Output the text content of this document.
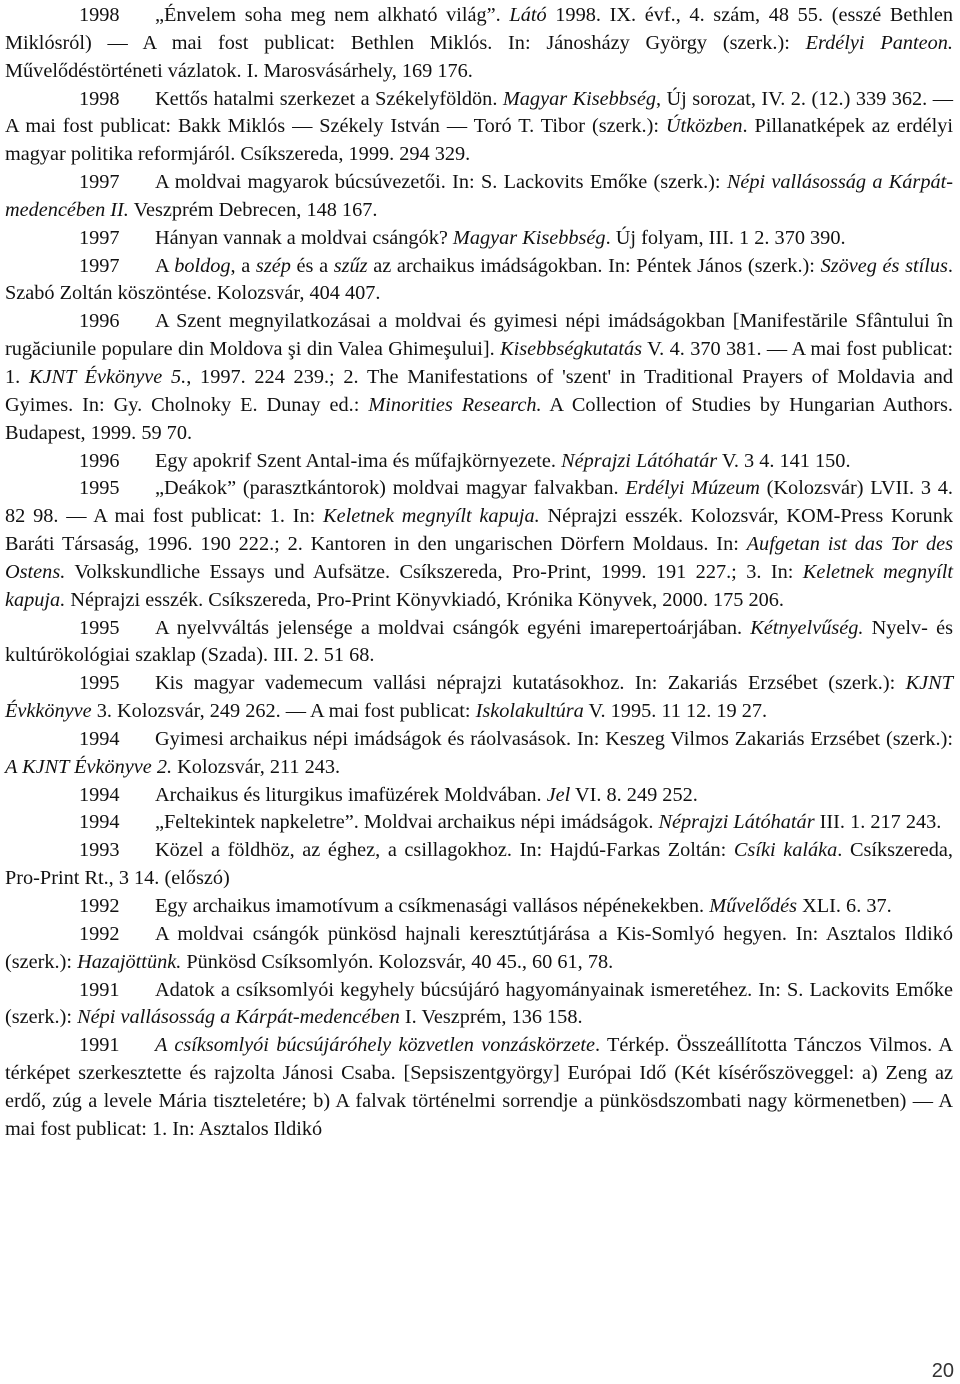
1998 „Énvelem soha meg nem alkható világ”. Látó 1998. IX. évf., 4. szám, 48 55. (esszé Bethlen Miklósról) — A mai fost publicat: Bethlen Miklós. In: Jánosházy György (szerk.): Erdélyi Panteon. Művelődéstörténeti vázlatok. I. Marosvásárhely, 169 176.

1998 Kettős hatalmi szerkezet a Székelyföldön. Magyar Kisebbség, Új sorozat, IV. 2. (12.) 339 362. — A mai fost publicat: Bakk Miklós — Székely István — Toró T. Tibor (szerk.): Útközben. Pillanatképek az erdélyi magyar politika reformjáról. Csíkszereda, 1999. 294 329.

1997 A moldvai magyarok búcsúvezetői. In: S. Lackovits Emőke (szerk.): Népi vallásosság a Kárpát-medencében II. Veszprém Debrecen, 148 167.

1997 Hányan vannak a moldvai csángók? Magyar Kisebbség. Új folyam, III. 1 2. 370 390.

1997 A boldog, a szép és a szűz az archaikus imádságokban. In: Péntek János (szerk.): Szöveg és stílus. Szabó Zoltán köszöntése. Kolozsvár, 404 407.

1996 A Szent megnyilatkozásai a moldvai és gyimesi népi imádságokban [Manifestările Sfântului în rugăciunile populare din Moldova şi din Valea Ghimeşului]. Kisebbségkutatás V. 4. 370 381. — A mai fost publicat: 1. KJNT Évkönyve 5., 1997. 224 239.; 2. The Manifestations of 'szent' in Traditional Prayers of Moldavia and Gyimes. In: Gy. Cholnoky E. Dunay ed.: Minorities Research. A Collection of Studies by Hungarian Authors. Budapest, 1999. 59 70.

1996 Egy apokrif Szent Antal-ima és műfajkörnyezete. Néprajzi Látóhatár V. 3 4. 141 150.

1995 „Deákok” (parasztkántorok) moldvai magyar falvakban. Erdélyi Múzeum (Kolozsvár) LVII. 3 4. 82 98. — A mai fost publicat: 1. In: Keletnek megnyílt kapuja. Néprajzi esszék. Kolozsvár, KOM-Press Korunk Baráti Társaság, 1996. 190 222.; 2. Kantoren in den ungarischen Dörfern Moldaus. In: Aufgetan ist das Tor des Ostens. Volkskundliche Essays und Aufsätze. Csíkszereda, Pro-Print, 1999. 191 227.; 3. In: Keletnek megnyílt kapuja. Néprajzi esszék. Csíkszereda, Pro-Print Könyvkiadó, Krónika Könyvek, 2000. 175 206.

1995 A nyelvváltás jelensége a moldvai csángók egyéni imarepertoárjában. Kétnyelvűség. Nyelv- és kultúrökológiai szaklap (Szada). III. 2. 51 68.

1995 Kis magyar vademecum vallási néprajzi kutatásokhoz. In: Zakariás Erzsébet (szerk.): KJNT Évkkönyve 3. Kolozsvár, 249 262. — A mai fost publicat: Iskolakultúra V. 1995. 11 12. 19 27.

1994 Gyimesi archaikus népi imádságok és ráolvasások. In: Keszeg Vilmos Zakariás Erzsébet (szerk.): A KJNT Évkönyve 2. Kolozsvár, 211 243.

1994 Archaikus és liturgikus imafüzérek Moldvában. Jel VI. 8. 249 252.

1994 „Feltekintek napkeletre”. Moldvai archaikus népi imádságok. Néprajzi Látóhatár III. 1. 217 243.

1993 Közel a földhöz, az éghez, a csillagokhoz. In: Hajdú-Farkas Zoltán: Csíki kaláka. Csíkszereda, Pro-Print Rt., 3 14. (előszó)

1992 Egy archaikus imamotívum a csíkmenasági vallásos népénekekben. Művelődés XLI. 6. 37.

1992 A moldvai csángók pünkösd hajnali keresztútjárása a Kis-Somlyó hegyen. In: Asztalos Ildikó (szerk.): Hazajöttünk. Pünkösd Csíksomlyón. Kolozsvár, 40 45., 60 61, 78.

1991 Adatok a csíksomlyói kegyhely búcsújáró hagyományainak ismeretéhez. In: S. Lackovits Emőke (szerk.): Népi vallásosság a Kárpát-medencében I. Veszprém, 136 158.

1991 A csíksomlyói búcsújáróhely közvetlen vonzáskörzete. Térkép. Összeállította Tánczos Vilmos. A térképet szerkesztette és rajzolta Jánosi Csaba. [Sepsiszentgyörgy] Európai Idő (Két kísérőszöveggel: a) Zeng az erdő, zúg a levele Mária tiszteletére; b) A falvak történelmi sorrendje a pünkösdszombati nagy körmenetben) — A mai fost publicat: 1. In: Asztalos Ildikó

20
